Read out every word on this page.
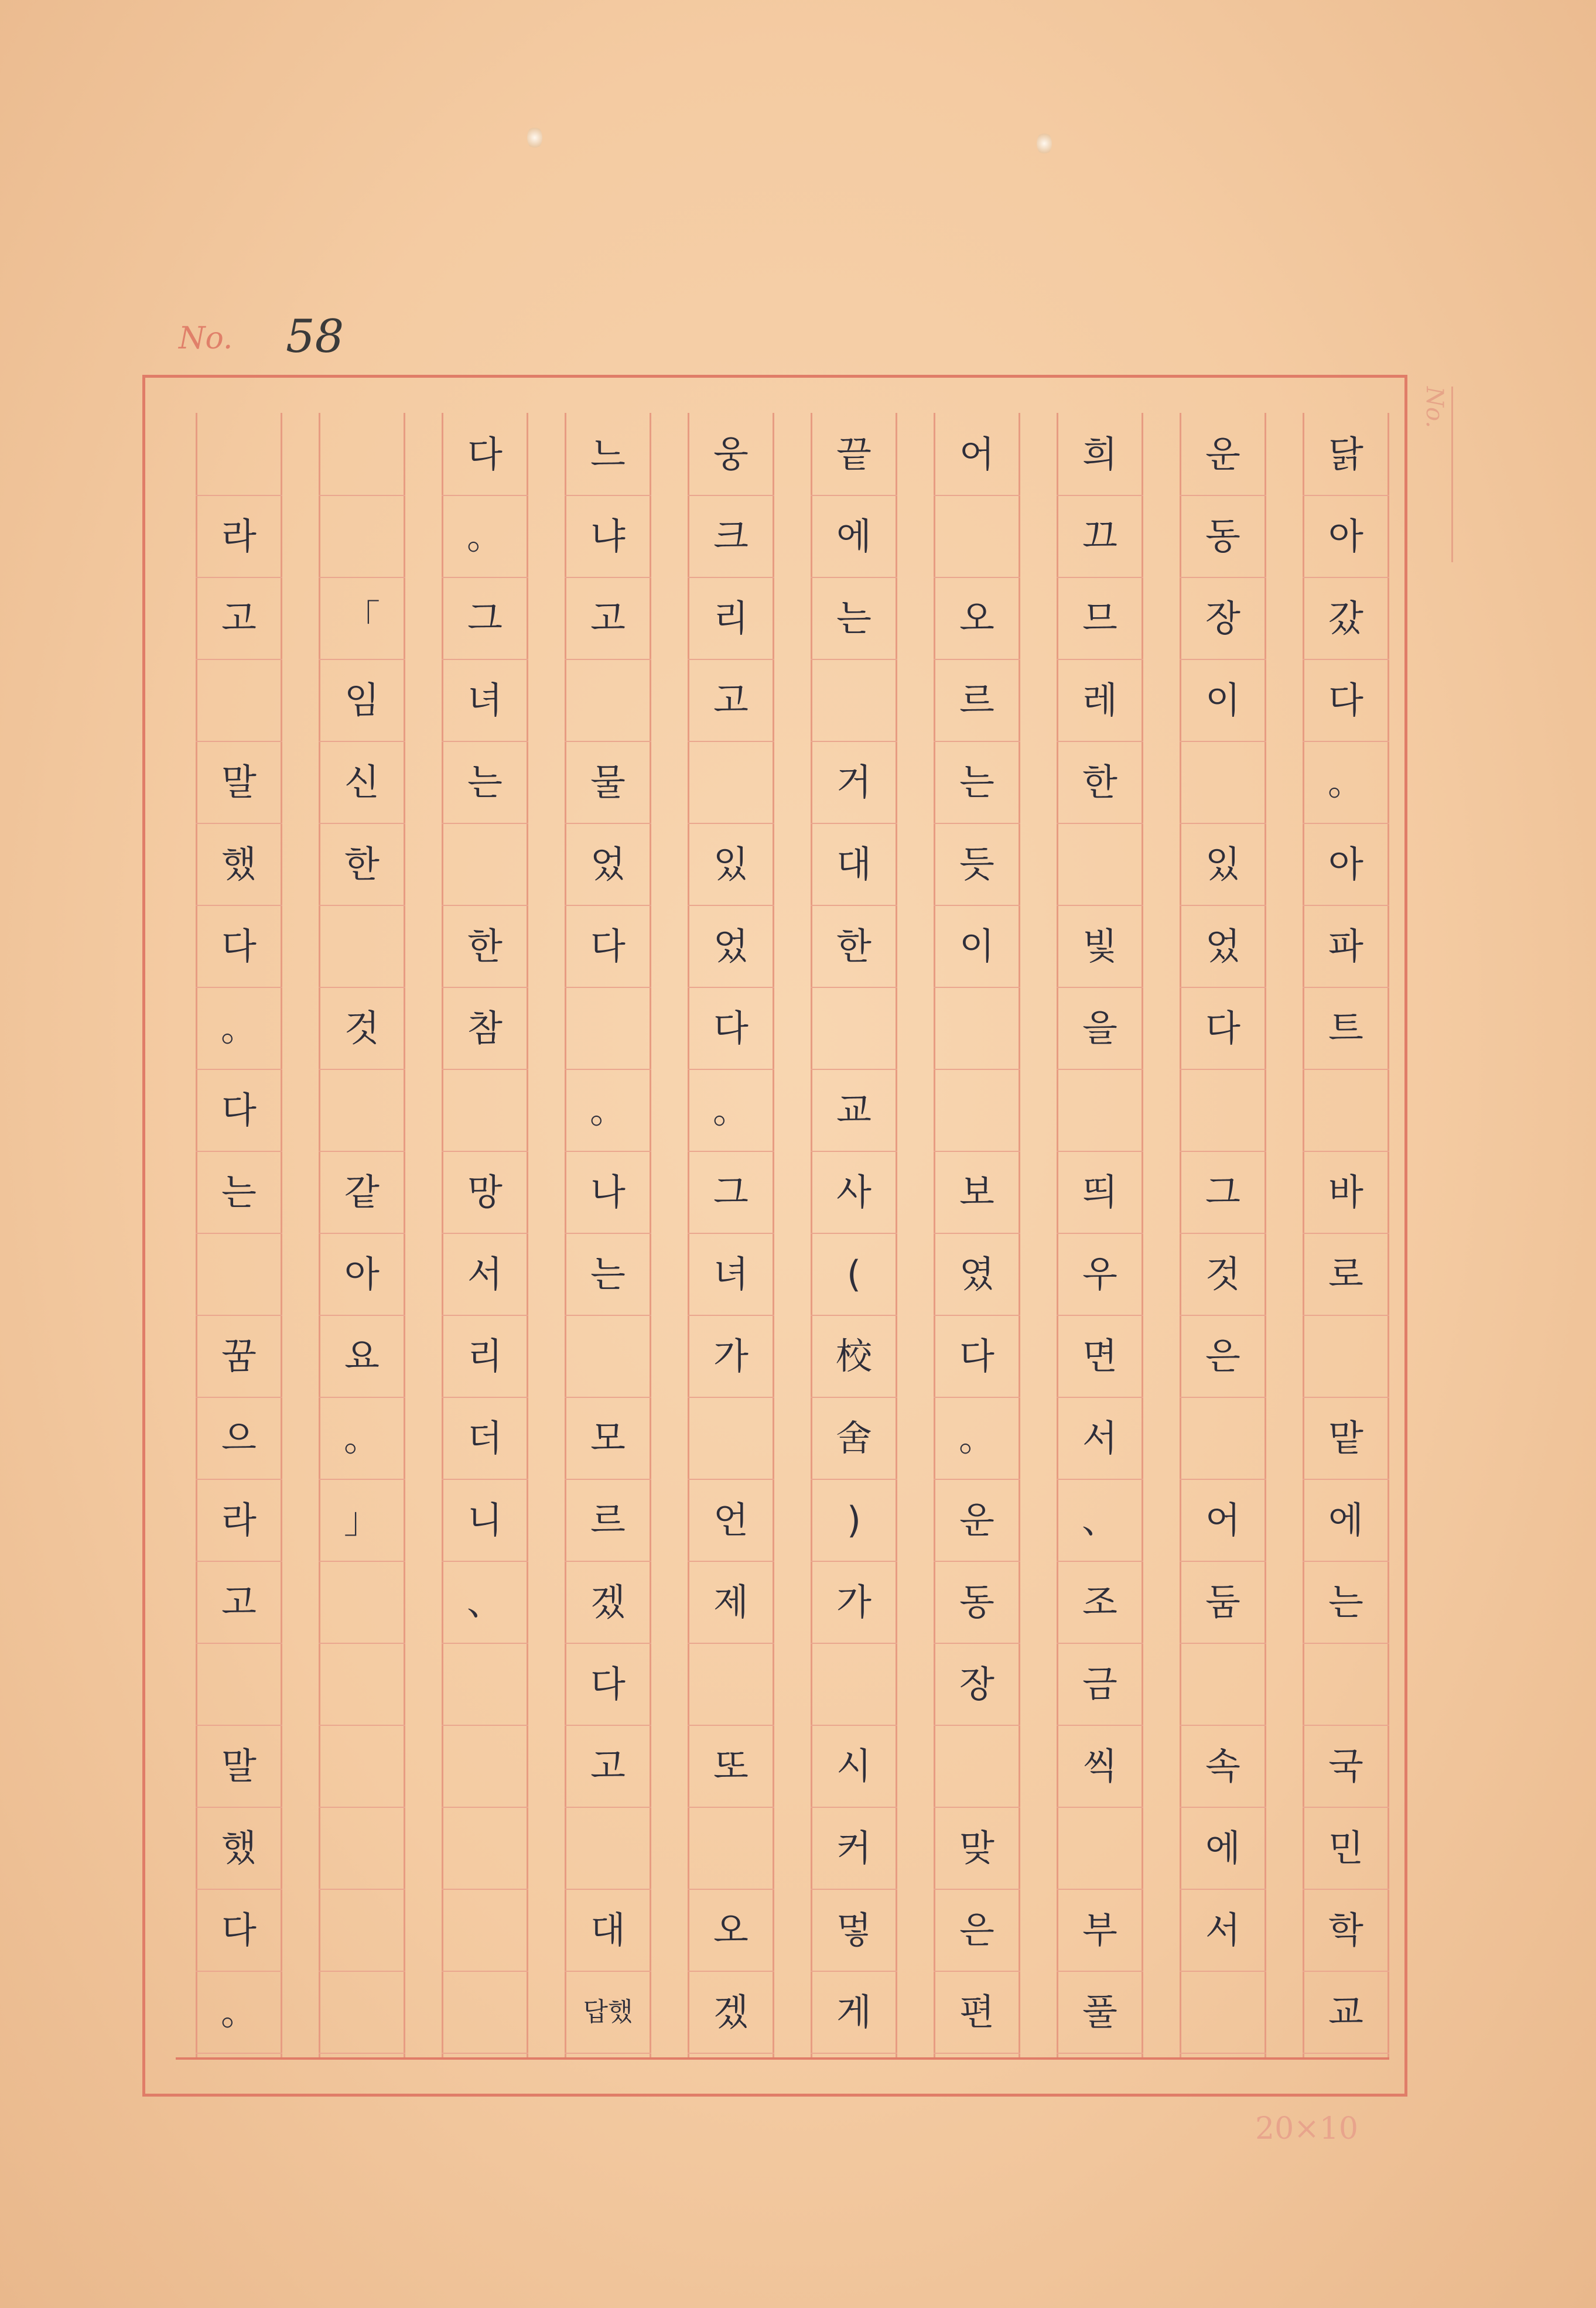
No. 58
No.
닭
아
갔
다
。
아
파
트
바
로
맡
에
는
국
민
학
교
운
동
장
이
있
었
다
그
것
은
어
둠
속
에
서
희
끄
므
레
한
빛
을
띄
우
면
서
、
조
금
씩
부
풀
어
오
르
는
듯
이
보
였
다
。
운
동
장
맞
은
편
끝
에
는
거
대
한
교
사
(
校
舍
)
가
시
커
멓
게
웅
크
리
고
있
었
다
。
그
녀
가
언
제
또
오
겠
느
냐
고
물
었
다
。
나
는
모
르
겠
다
고
대
답했
다
。
그
녀
는
한
참
망
서
리
더
니
、
「
임
신
한
것
같
아
요
。
」
라
고
말
했
다
。
다
는
꿈
으
라
고
말
했
다
。
20×10
